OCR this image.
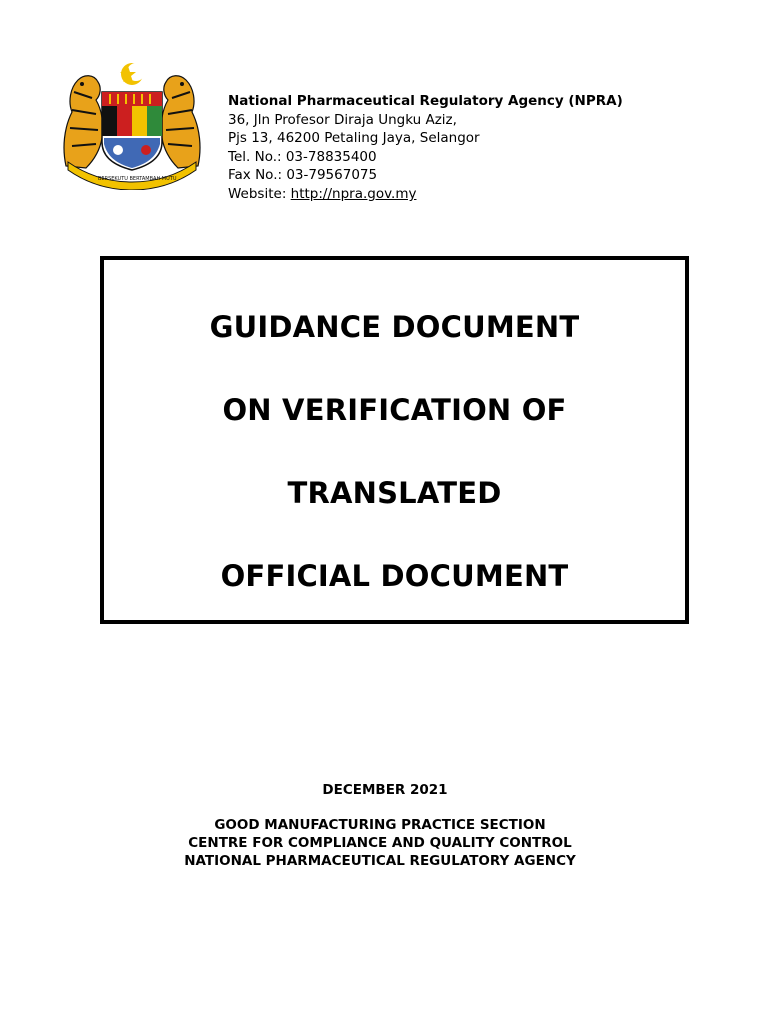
BERSEKUTU BERTAMBAH MUTU
National Pharmaceutical Regulatory Agency (NPRA)
36, Jln Profesor Diraja Ungku Aziz,
Pjs 13, 46200 Petaling Jaya, Selangor
Tel. No.: 03-78835400
Fax No.: 03-79567075
Website: http://npra.gov.my
GUIDANCE DOCUMENT
ON VERIFICATION OF
TRANSLATED
OFFICIAL DOCUMENT
DECEMBER 2021
GOOD MANUFACTURING PRACTICE SECTION
CENTRE FOR COMPLIANCE AND QUALITY CONTROL
NATIONAL PHARMACEUTICAL REGULATORY AGENCY
